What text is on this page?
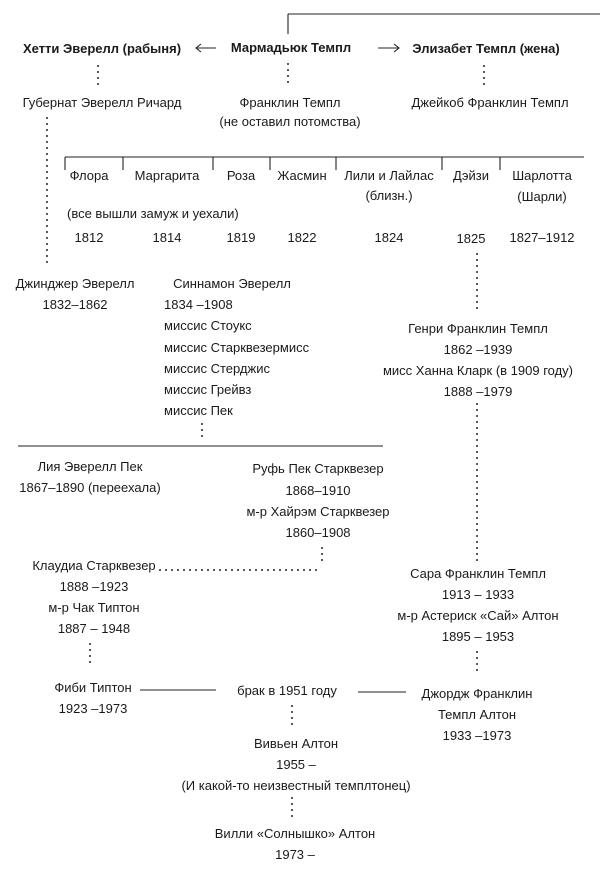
Хетти Эверелл (рабыня)	Мармадьюк Темпл	Элизабет Темпл (жена)
Губернат Эверелл Ричард	Франклин Темпл
(не оставил потомства)
Джейкоб Франклин Темпл
Флора Маргарита Роза Жасмин Лили и Лайлас
(близн.)
Дэйзи Шарлотта
(Шарли)
(все вышли замуж и уехали)
1812	1814	1819 1822	1824	1825 1827–1912
Джинджер Эверелл
1832–1862
Синнамон Эверелл
1834 –1908
миссис Стоукс
миссис Старквезермисс
миссис Стерджис
миссис Грейвз
миссис Пек
Генри Франклин Темпл
1862 –1939
мисс Ханна Кларк (в 1909 году)
1888 –1979
Лия Эверелл Пек
1867–1890 (переехала)
Руфь Пек Старквезер
1868–1910
м-р Хайрэм Старквезер
1860–1908
Клаудиа Старквезер
1888 –1923
м-р Чак Типтон
1887 – 1948
Сара Франклин Темпл
1913 – 1933
м-р Астериск «Сай» Алтон
1895 – 1953
Фиби Типтон
1923 –1973
брак в 1951 году	Джордж Франклин
Темпл Алтон
1933 –1973
Вивьен Алтон
1955 –
(И какой-то неизвестный темплтонец)
Вилли «Солнышко» Алтон
1973 –
